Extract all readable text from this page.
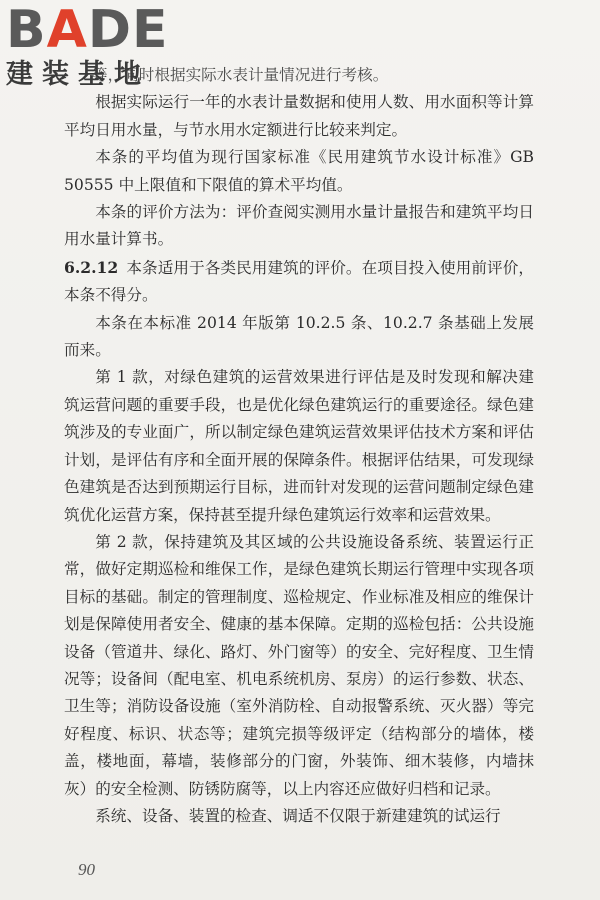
BADE
建装基地

等，同时根据实际水表计量情况进行考核。

根据实际运行一年的水表计量数据和使用人数、用水面积等计算平均日用水量，与节水用水定额进行比较来判定。

本条的平均值为现行国家标准《民用建筑节水设计标准》GB 50555 中上限值和下限值的算术平均值。

本条的评价方法为：评价查阅实测用水量计量报告和建筑平均日用水量计算书。

6.2.12 本条适用于各类民用建筑的评价。在项目投入使用前评价，本条不得分。

本条在本标准 2014 年版第 10.2.5 条、10.2.7 条基础上发展而来。

第 1 款，对绿色建筑的运营效果进行评估是及时发现和解决建筑运营问题的重要手段，也是优化绿色建筑运行的重要途径。绿色建筑涉及的专业面广，所以制定绿色建筑运营效果评估技术方案和评估计划，是评估有序和全面开展的保障条件。根据评估结果，可发现绿色建筑是否达到预期运行目标，进而针对发现的运营问题制定绿色建筑优化运营方案，保持甚至提升绿色建筑运行效率和运营效果。

第 2 款，保持建筑及其区域的公共设施设备系统、装置运行正常，做好定期巡检和维保工作，是绿色建筑长期运行管理中实现各项目标的基础。制定的管理制度、巡检规定、作业标准及相应的维保计划是保障使用者安全、健康的基本保障。定期的巡检包括：公共设施设备（管道井、绿化、路灯、外门窗等）的安全、完好程度、卫生情况等；设备间（配电室、机电系统机房、泵房）的运行参数、状态、卫生等；消防设备设施（室外消防栓、自动报警系统、灭火器）等完好程度、标识、状态等；建筑完损等级评定（结构部分的墙体，楼盖，楼地面，幕墙，装修部分的门窗，外装饰、细木装修，内墙抹灰）的安全检测、防锈防腐等，以上内容还应做好归档和记录。

系统、设备、装置的检查、调适不仅限于新建建筑的试运行

90
